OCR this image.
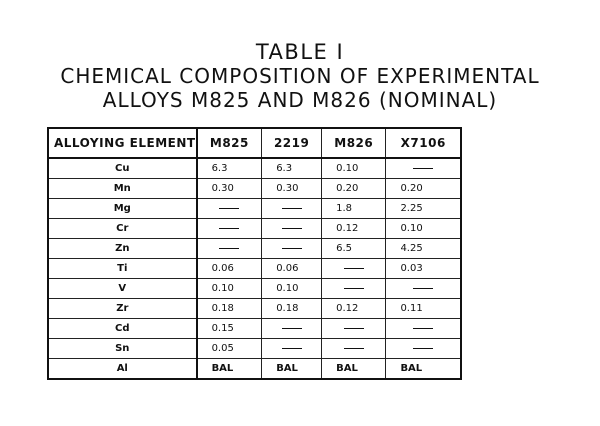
TABLE I
CHEMICAL COMPOSITION OF EXPERIMENTAL
ALLOYS M825 AND M826 (NOMINAL)
ALLOYING ELEMENT	M825	2219	M826	X7106
Cu	6.3	6.3	0.10	
Mn	0.30	0.30	0.20	0.20
Mg			1.8	2.25
Cr			0.12	0.10
Zn			6.5	4.25
Ti	0.06	0.06		0.03
V	0.10	0.10		
Zr	0.18	0.18	0.12	0.11
Cd	0.15			
Sn	0.05			
Al	BAL	BAL	BAL	BAL
